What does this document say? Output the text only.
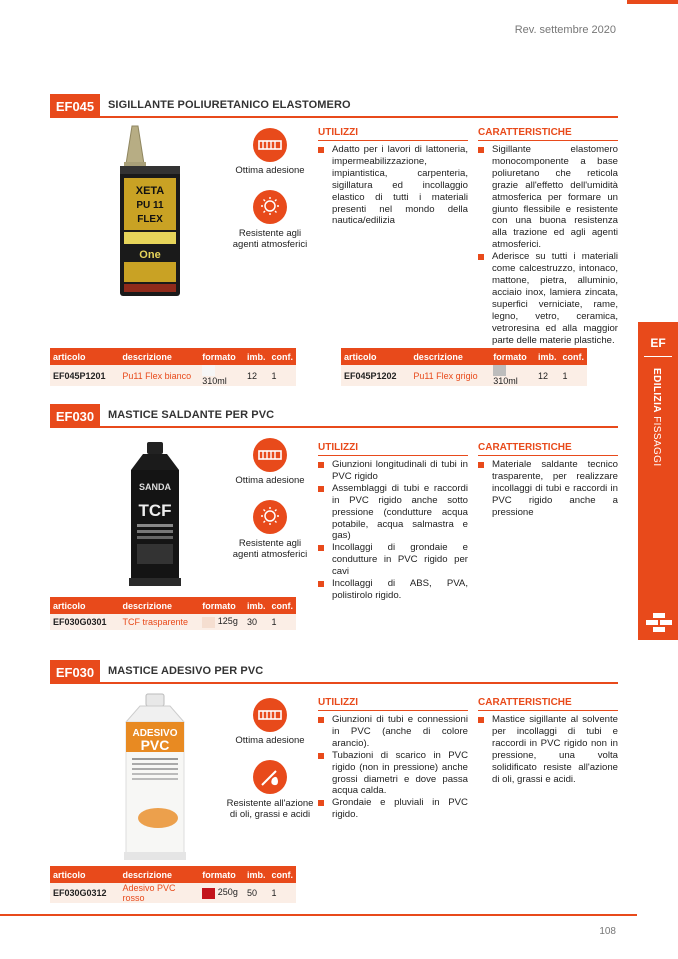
Rev. settembre 2020
EF045	SIGILLANTE POLIURETANICO ELASTOMERO
XETA
PU 11
FLEX
One
Ottima adesione
Resistente agli agenti atmosferici
UTILIZZI
Adatto per i lavori di lattoneria, impermeabilizzazione, impiantistica, carpenteria, sigillatura ed incollaggio elastico di tutti i materiali presenti nel mondo della nautica/edilizia
CARATTERISTICHE
Sigillante elastomero monocomponente a base poliuretano che reticola grazie all'effetto dell'umidità atmosferica per formare un giunto flessibile e resistente con una buona resistenza alla trazione ed agli agenti atmosferici.
Aderisce su tutti i materiali come calcestruzzo, intonaco, mattone, pietra, alluminio, acciaio inox, lamiera zincata, superfici verniciate, rame, legno, vetro, ceramica, vetroresina ed alla maggior parte delle materie plastiche.
articolo	descrizione	formato	imb.	conf.
EF045P1201	Pu11 Flex bianco	310ml	12	1
articolo	descrizione	formato	imb.	conf.
EF045P1202	Pu11 Flex grigio	310ml	12	1
EF030	MASTICE SALDANTE PER PVC
SANDA
TCF
Ottima adesione
Resistente agli agenti atmosferici
UTILIZZI
Giunzioni longitudinali di tubi in PVC rigido
Assemblaggi di tubi e raccordi in PVC rigido anche sotto pressione (condutture acqua potabile, acqua salmastra e gas)
Incollaggi di grondaie e condutture in PVC rigido per cavi
Incollaggi di ABS, PVA, polistirolo rigido.
CARATTERISTICHE
Materiale saldante tecnico trasparente, per realizzare incollaggi di tubi e raccordi in PVC rigido anche a pressione
articolo	descrizione	formato	imb.	conf.
EF030G0301	TCF trasparente	125g	30	1
EF030	MASTICE ADESIVO PER PVC
ADESIVO
PVC	Ottima adesione
Resistente all'azione di oli, grassi e acidi
UTILIZZI
Giunzioni di tubi e connessioni in PVC (anche di colore arancio).
Tubazioni di scarico in PVC rigido (non in pressione) anche grossi diametri e dove passa acqua calda.
Grondaie e pluviali in PVC rigido.
CARATTERISTICHE
Mastice sigillante al solvente per incollaggi di tubi e raccordi in PVC rigido non in pressione, una volta solidificato resiste all'azione di oli, grassi e acidi.
articolo	descrizione	formato	imb.	conf.
EF030G0312	Adesivo PVC rosso	250g	50	1
EF
EDILIZIA FISSAGGI
108
